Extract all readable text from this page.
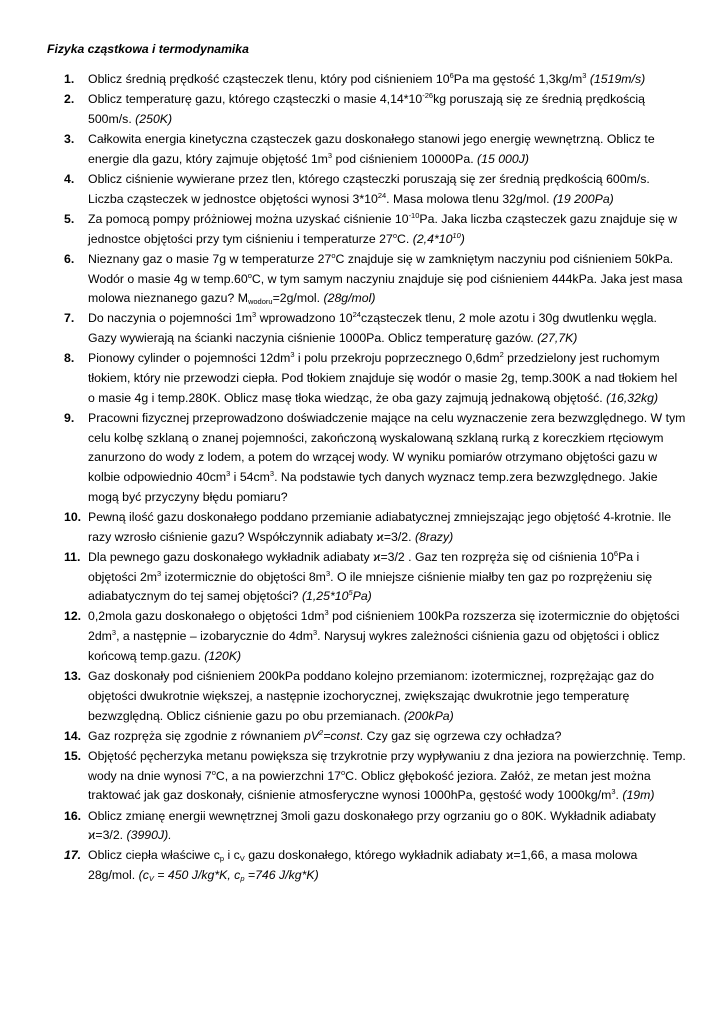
Fizyka cząstkowa i termodynamika

1. Oblicz średnią prędkość cząsteczek tlenu, który pod ciśnieniem $10^6Pa$ ma gęstość $1,3kg/m^3$ (1519m/s)
2. Oblicz temperaturę gazu, którego cząsteczki o masie $4,14*10^{-26}kg$ poruszają się ze średnią prędkością 500m/s. (250K)
3. Całkowita energia kinetyczna cząsteczek gazu doskonałego stanowi jego energię wewnętrzną. Oblicz te energie dla gazu, który zajmuje objętość $1m^3$ pod ciśnieniem 10000Pa. (15 000J)
4. Oblicz ciśnienie wywierane przez tlen, którego cząsteczki poruszają się zer średnią prędkością 600m/s. Liczba cząsteczek w jednostce objętości wynosi $3*10^{24}$. Masa molowa tlenu 32g/mol. (19 200Pa)
5. Za pomocą pompy próżniowej można uzyskać ciśnienie $10^{-10}Pa$. Jaka liczba cząsteczek gazu znajduje się w jednostce objętości przy tym ciśnieniu i temperaturze 27$^o$C. $(2,4*10^{10})$
6. Nieznany gaz o masie 7g w temperaturze 27$^o$C znajduje się w zamkniętym naczyniu pod ciśnieniem 50kPa. Wodór o masie 4g w temp.60$^o$C, w tym samym naczyniu znajduje się pod ciśnieniem 444kPa. Jaka jest masa molowa nieznanego gazu? $M_{wodoru}=2g$/mol. (28g/mol)
7. Do naczynia o pojemności $1m^3$ wprowadzono $10^{24}cząsteczek$ tlenu, 2 mole azotu i 30g dwutlenku węgla. Gazy wywierają na ścianki naczynia ciśnienie 1000Pa. Oblicz temperaturę gazów. (27,7K)
8. Pionowy cylinder o pojemności $12dm^3$ i polu przekroju poprzecznego $0,6dm^2$ przedzielony jest ruchomym tłokiem, który nie przewodzi ciepła. Pod tłokiem znajduje się wodór o masie 2g, temp.300K a nad tłokiem hel o masie 4g i temp.280K. Oblicz masę tłoka wiedząc, że oba gazy zajmują jednakową objętość. (16,32kg)
9. Pracowni fizycznej przeprowadzono doświadczenie mające na celu wyznaczenie zera bezwzględnego. W tym celu kolbę szklaną o znanej pojemności, zakończoną wyskalowaną szklaną rurką z koreczkiem rtęciowym zanurzono do wody z lodem, a potem do wrzącej wody. W wyniku pomiarów otrzymano objętości gazu w kolbie odpowiednio $40cm^3$ i $54cm^3$. Na podstawie tych danych wyznacz temp.zera bezwzględnego. Jakie mogą być przyczyny błędu pomiaru?
10. Pewną ilość gazu doskonałego poddano przemianie adiabatycznej zmniejszając jego objętość 4-krotnie. Ile razy wzrosło ciśnienie gazu? Współczynnik adiabaty ϰ=3/2. (8razy)
11. Dla pewnego gazu doskonałego wykładnik adiabaty ϰ=3/2 . Gaz ten rozpręża się od ciśnienia $10^6Pa$ i objętości $2m^3$ izotermicznie do objętości $8m^3$. O ile mniejsze ciśnienie miałby ten gaz po rozprężeniu się adiabatycznym do tej samej objętości? $(1,25*10^5Pa)$
12. 0,2mola gazu doskonałego o objętości $1dm^3$ pod ciśnieniem 100kPa rozszerza się izotermicznie do objętości $2dm^3$, a następnie – izobarycznie do $4dm^3$. Narysuj wykres zależności ciśnienia gazu od objętości i oblicz końcową temp.gazu. (120K)
13. Gaz doskonały pod ciśnieniem 200kPa poddano kolejno przemianom: izotermicznej, rozprężając gaz do objętości dwukrotnie większej, a następnie izochorycznej, zwiększając dwukrotnie jego temperaturę bezwzględną. Oblicz ciśnienie gazu po obu przemianach. (200kPa)
14. Gaz rozpręża się zgodnie z równaniem $pV^2=const$. Czy gaz się ogrzewa czy ochładza?
15. Objętość pęcherzyka metanu powiększa się trzykrotnie przy wypływaniu z dna jeziora na powierzchnię. Temp. wody na dnie wynosi 7$^o$C, a na powierzchni 17$^o$C. Oblicz głębokość jeziora. Załóż, ze metan jest można traktować jak gaz doskonały, ciśnienie atmosferyczne wynosi 1000hPa, gęstość wody $1000kg/m^3$. (19m)
16. Oblicz zmianę energii wewnętrznej 3moli gazu doskonałego przy ogrzaniu go o 80K. Wykładnik adiabaty ϰ=3/2. (3990J).
17. Oblicz ciepła właściwe $c_p$ i $c_V$ gazu doskonałego, którego wykładnik adiabaty ϰ=1,66, a masa molowa 28g/mol. ($c_V = 450$ J/kg*K, $c_p =746$ J/kg*K)
